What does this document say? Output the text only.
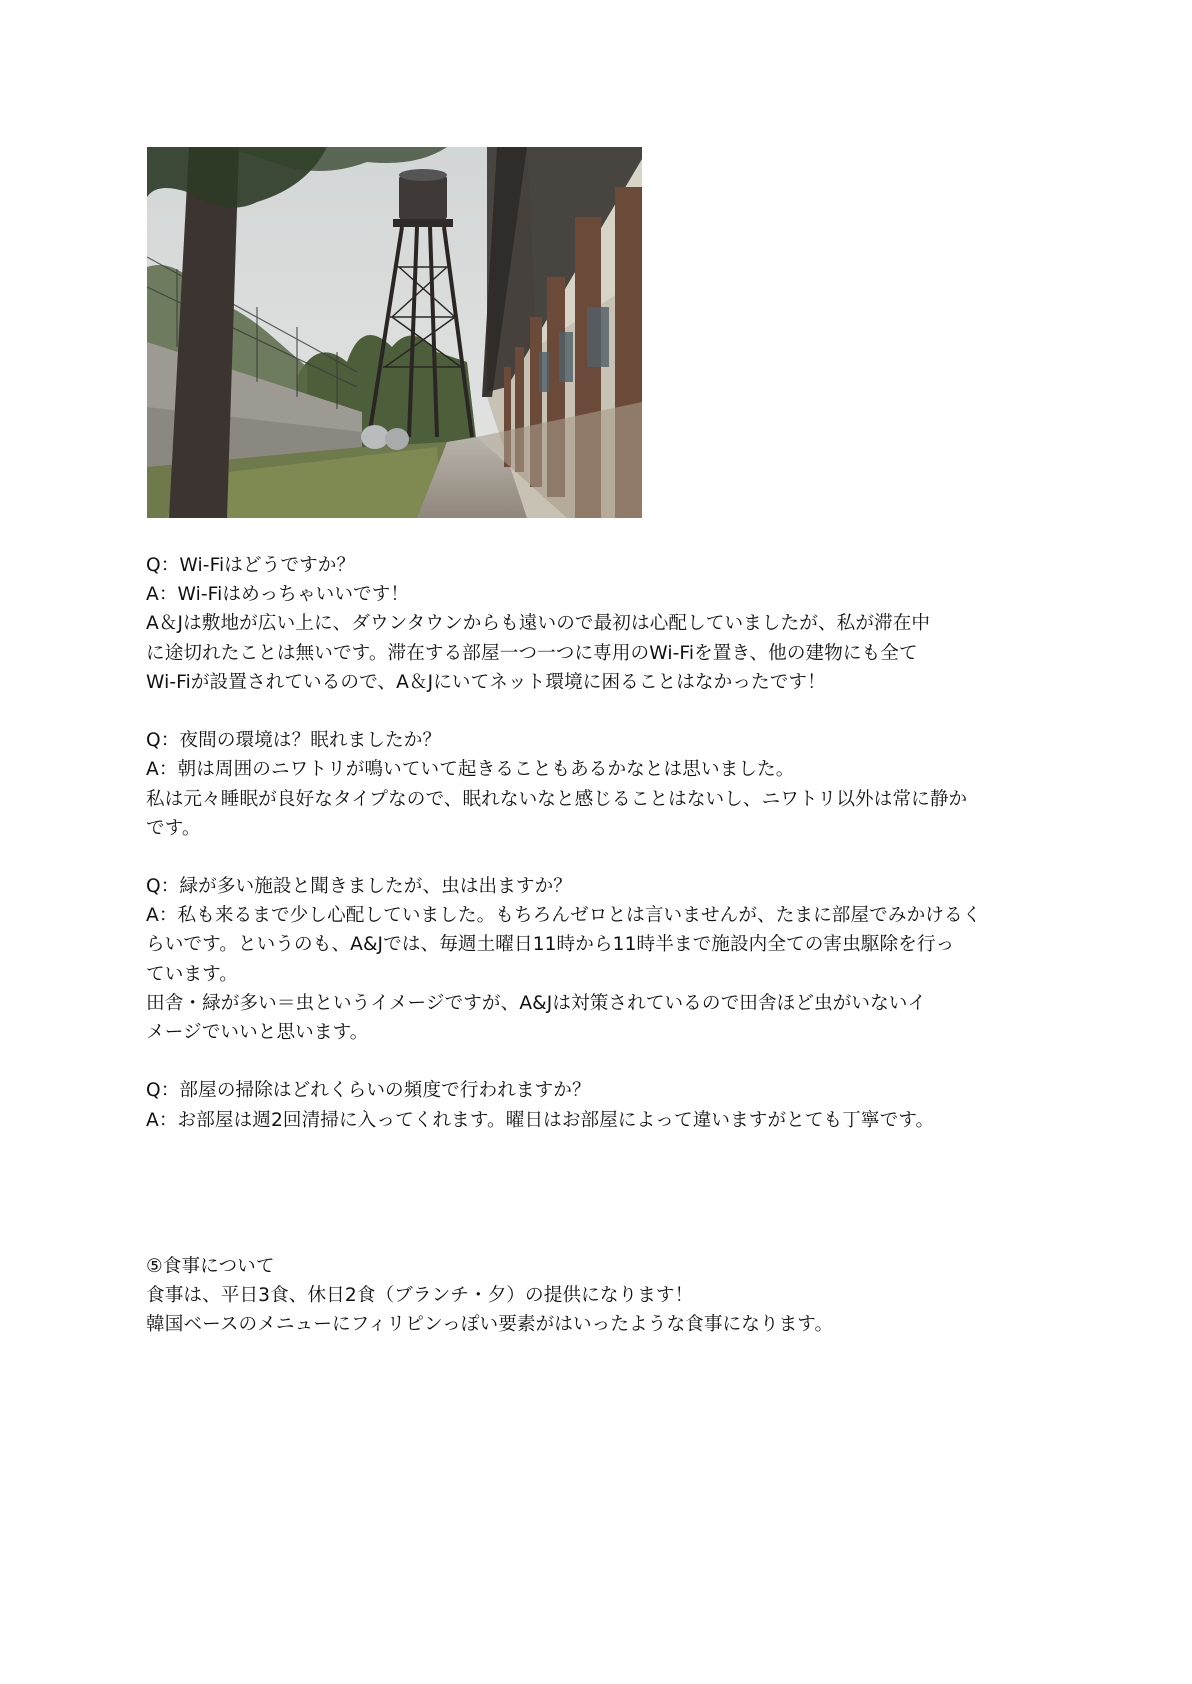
Q：Wi-Fiはどうですか？
A：Wi-Fiはめっちゃいいです！
A＆Jは敷地が広い上に、ダウンタウンからも遠いので最初は心配していましたが、私が滞在中
に途切れたことは無いです。滞在する部屋一つ一つに専用のWi-Fiを置き、他の建物にも全て
Wi-Fiが設置されているので、A＆Jにいてネット環境に困ることはなかったです！
Q：夜間の環境は？眠れましたか？
A：朝は周囲のニワトリが鳴いていて起きることもあるかなとは思いました。
私は元々睡眠が良好なタイプなので、眠れないなと感じることはないし、ニワトリ以外は常に静か
です。
Q：緑が多い施設と聞きましたが、虫は出ますか？
A：私も来るまで少し心配していました。もちろんゼロとは言いませんが、たまに部屋でみかけるく
らいです。というのも、A&Jでは、毎週土曜日11時から11時半まで施設内全ての害虫駆除を行っ
ています。
田舎・緑が多い＝虫というイメージですが、A&Jは対策されているので田舎ほど虫がいないイ
メージでいいと思います。
Q：部屋の掃除はどれくらいの頻度で行われますか？
A：お部屋は週2回清掃に入ってくれます。曜日はお部屋によって違いますがとても丁寧です。
⑤食事について
食事は、平日3食、休日2食（ブランチ・夕）の提供になります！
韓国ベースのメニューにフィリピンっぽい要素がはいったような食事になります。
